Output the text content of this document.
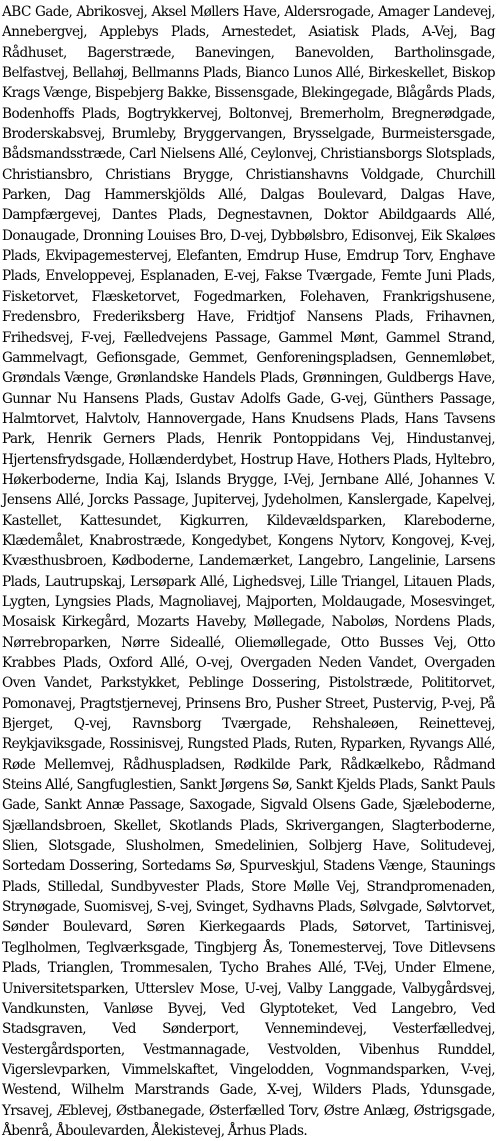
ABC Gade, Abrikosvej, Aksel Møllers Have, Aldersrogade, Amager Landevej, Annebergvej, Applebys Plads, Arnestedet, Asiatisk Plads, A-Vej, Bag Rådhuset, Bagerstræde, Banevingen, Banevolden, Bartholinsgade, Belfastvej, Bellahøj, Bellmanns Plads, Bianco Lunos Allé, Birkeskellet, Biskop Krags Vænge, Bispebjerg Bakke, Bissensgade, Blekingegade, Blågårds Plads, Bodenhoffs Plads, Bogtrykkervej, Boltonvej, Bremerholm, Bregnerødgade, Broderskabsvej, Brumleby, Bryggervangen, Brysselgade, Burmeistersgade, Bådsmandsstræde, Carl Nielsens Allé, Ceylonvej, Christiansborgs Slotsplads, Christiansbro, Christians Brygge, Christianshavns Voldgade, Churchill Parken, Dag Hammerskjölds Allé, Dalgas Boulevard, Dalgas Have, Dampfærgevej, Dantes Plads, Degnestavnen, Doktor Abildgaards Allé, Donaugade, Dronning Louises Bro, D-vej, Dybbølsbro, Edisonvej, Eik Skaløes Plads, Ekvipagemestervej, Elefanten, Emdrup Huse, Emdrup Torv, Enghave Plads, Enveloppevej, Esplanaden, E-vej, Fakse Tværgade, Femte Juni Plads, Fisketorvet, Flæsketorvet, Fogedmarken, Folehaven, Frankrigshusene, Fredensbro, Frederiksberg Have, Fridtjof Nansens Plads, Frihavnen, Frihedsvej, F-vej, Fælledvejens Passage, Gammel Mønt, Gammel Strand, Gammelvagt, Gefionsgade, Gemmet, Genforeningspladsen, Gennemløbet, Grøndals Vænge, Grønlandske Handels Plads, Grønningen, Guldbergs Have, Gunnar Nu Hansens Plads, Gustav Adolfs Gade, G-vej, Günthers Passage, Halmtorvet, Halvtolv, Hannovergade, Hans Knudsens Plads, Hans Tavsens Park, Henrik Gerners Plads, Henrik Pontoppidans Vej, Hindustanvej, Hjertensfrydsgade, Hollænderdybet, Hostrup Have, Hothers Plads, Hyltebro, Høkerboderne, India Kaj, Islands Brygge, I-Vej, Jernbane Allé, Johannes V. Jensens Allé, Jorcks Passage, Jupitervej, Jydeholmen, Kanslergade, Kapelvej, Kastellet, Kattesundet, Kigkurren, Kildevældsparken, Klareboderne, Klædemålet, Knabrostræde, Kongedybet, Kongens Nytorv, Kongovej, K-vej, Kvæsthusbroen, Kødboderne, Landemærket, Langebro, Langelinie, Larsens Plads, Lautrupskaj, Lersøpark Allé, Lighedsvej, Lille Triangel, Litauen Plads, Lygten, Lyngsies Plads, Magnoliavej, Majporten, Moldaugade, Mosesvinget, Mosaisk Kirkegård, Mozarts Haveby, Møllegade, Naboløs, Nordens Plads, Nørrebroparken, Nørre Sideallé, Oliemøllegade, Otto Busses Vej, Otto Krabbes Plads, Oxford Allé, O-vej, Overgaden Neden Vandet, Overgaden Oven Vandet, Parkstykket, Peblinge Dossering, Pistolstræde, Polititorvet, Pomonavej, Pragtstjernevej, Prinsens Bro, Pusher Street, Pustervig, P-vej, På Bjerget, Q-vej, Ravnsborg Tværgade, Rehshaleøen, Reinettevej, Reykjaviksgade, Rossinisvej, Rungsted Plads, Ruten, Ryparken, Ryvangs Allé, Røde Mellemvej, Rådhuspladsen, Rødkilde Park, Rådkælkebo, Rådmand Steins Allé, Sangfuglestien, Sankt Jørgens Sø, Sankt Kjelds Plads, Sankt Pauls Gade, Sankt Annæ Passage, Saxogade, Sigvald Olsens Gade, Sjæleboderne, Sjællandsbroen, Skellet, Skotlands Plads, Skrivergangen, Slagterboderne, Slien, Slotsgade, Slusholmen, Smedelinien, Solbjerg Have, Solitudevej, Sortedam Dossering, Sortedams Sø, Spurveskjul, Stadens Vænge, Staunings Plads, Stilledal, Sundbyvester Plads, Store Mølle Vej, Strandpromenaden, Strynøgade, Suomisvej, S-vej, Svinget, Sydhavns Plads, Sølvgade, Sølvtorvet, Sønder Boulevard, Søren Kierkegaards Plads, Søtorvet, Tartinisvej, Teglholmen, Teglværksgade, Tingbjerg Ås, Tonemestervej, Tove Ditlevsens Plads, Trianglen, Trommesalen, Tycho Brahes Allé, T-Vej, Under Elmene, Universitetsparken, Utterslev Mose, U-vej, Valby Langgade, Valbygårdsvej, Vandkunsten, Vanløse Byvej, Ved Glyptoteket, Ved Langebro, Ved Stadsgraven, Ved Sønderport, Vennemindevej, Vesterfælledvej, Vestergårdsporten, Vestmannagade, Vestvolden, Vibenhus Runddel, Vigerslevparken, Vimmelskaftet, Vingelodden, Vognmandsparken, V-vej, Westend, Wilhelm Marstrands Gade, X-vej, Wilders Plads, Ydunsgade, Yrsavej, Æblevej, Østbanegade, Østerfælled Torv, Østre Anlæg, Østrigsgade, Åbenrå, Åboulevarden, Ålekistevej, Århus Plads.
